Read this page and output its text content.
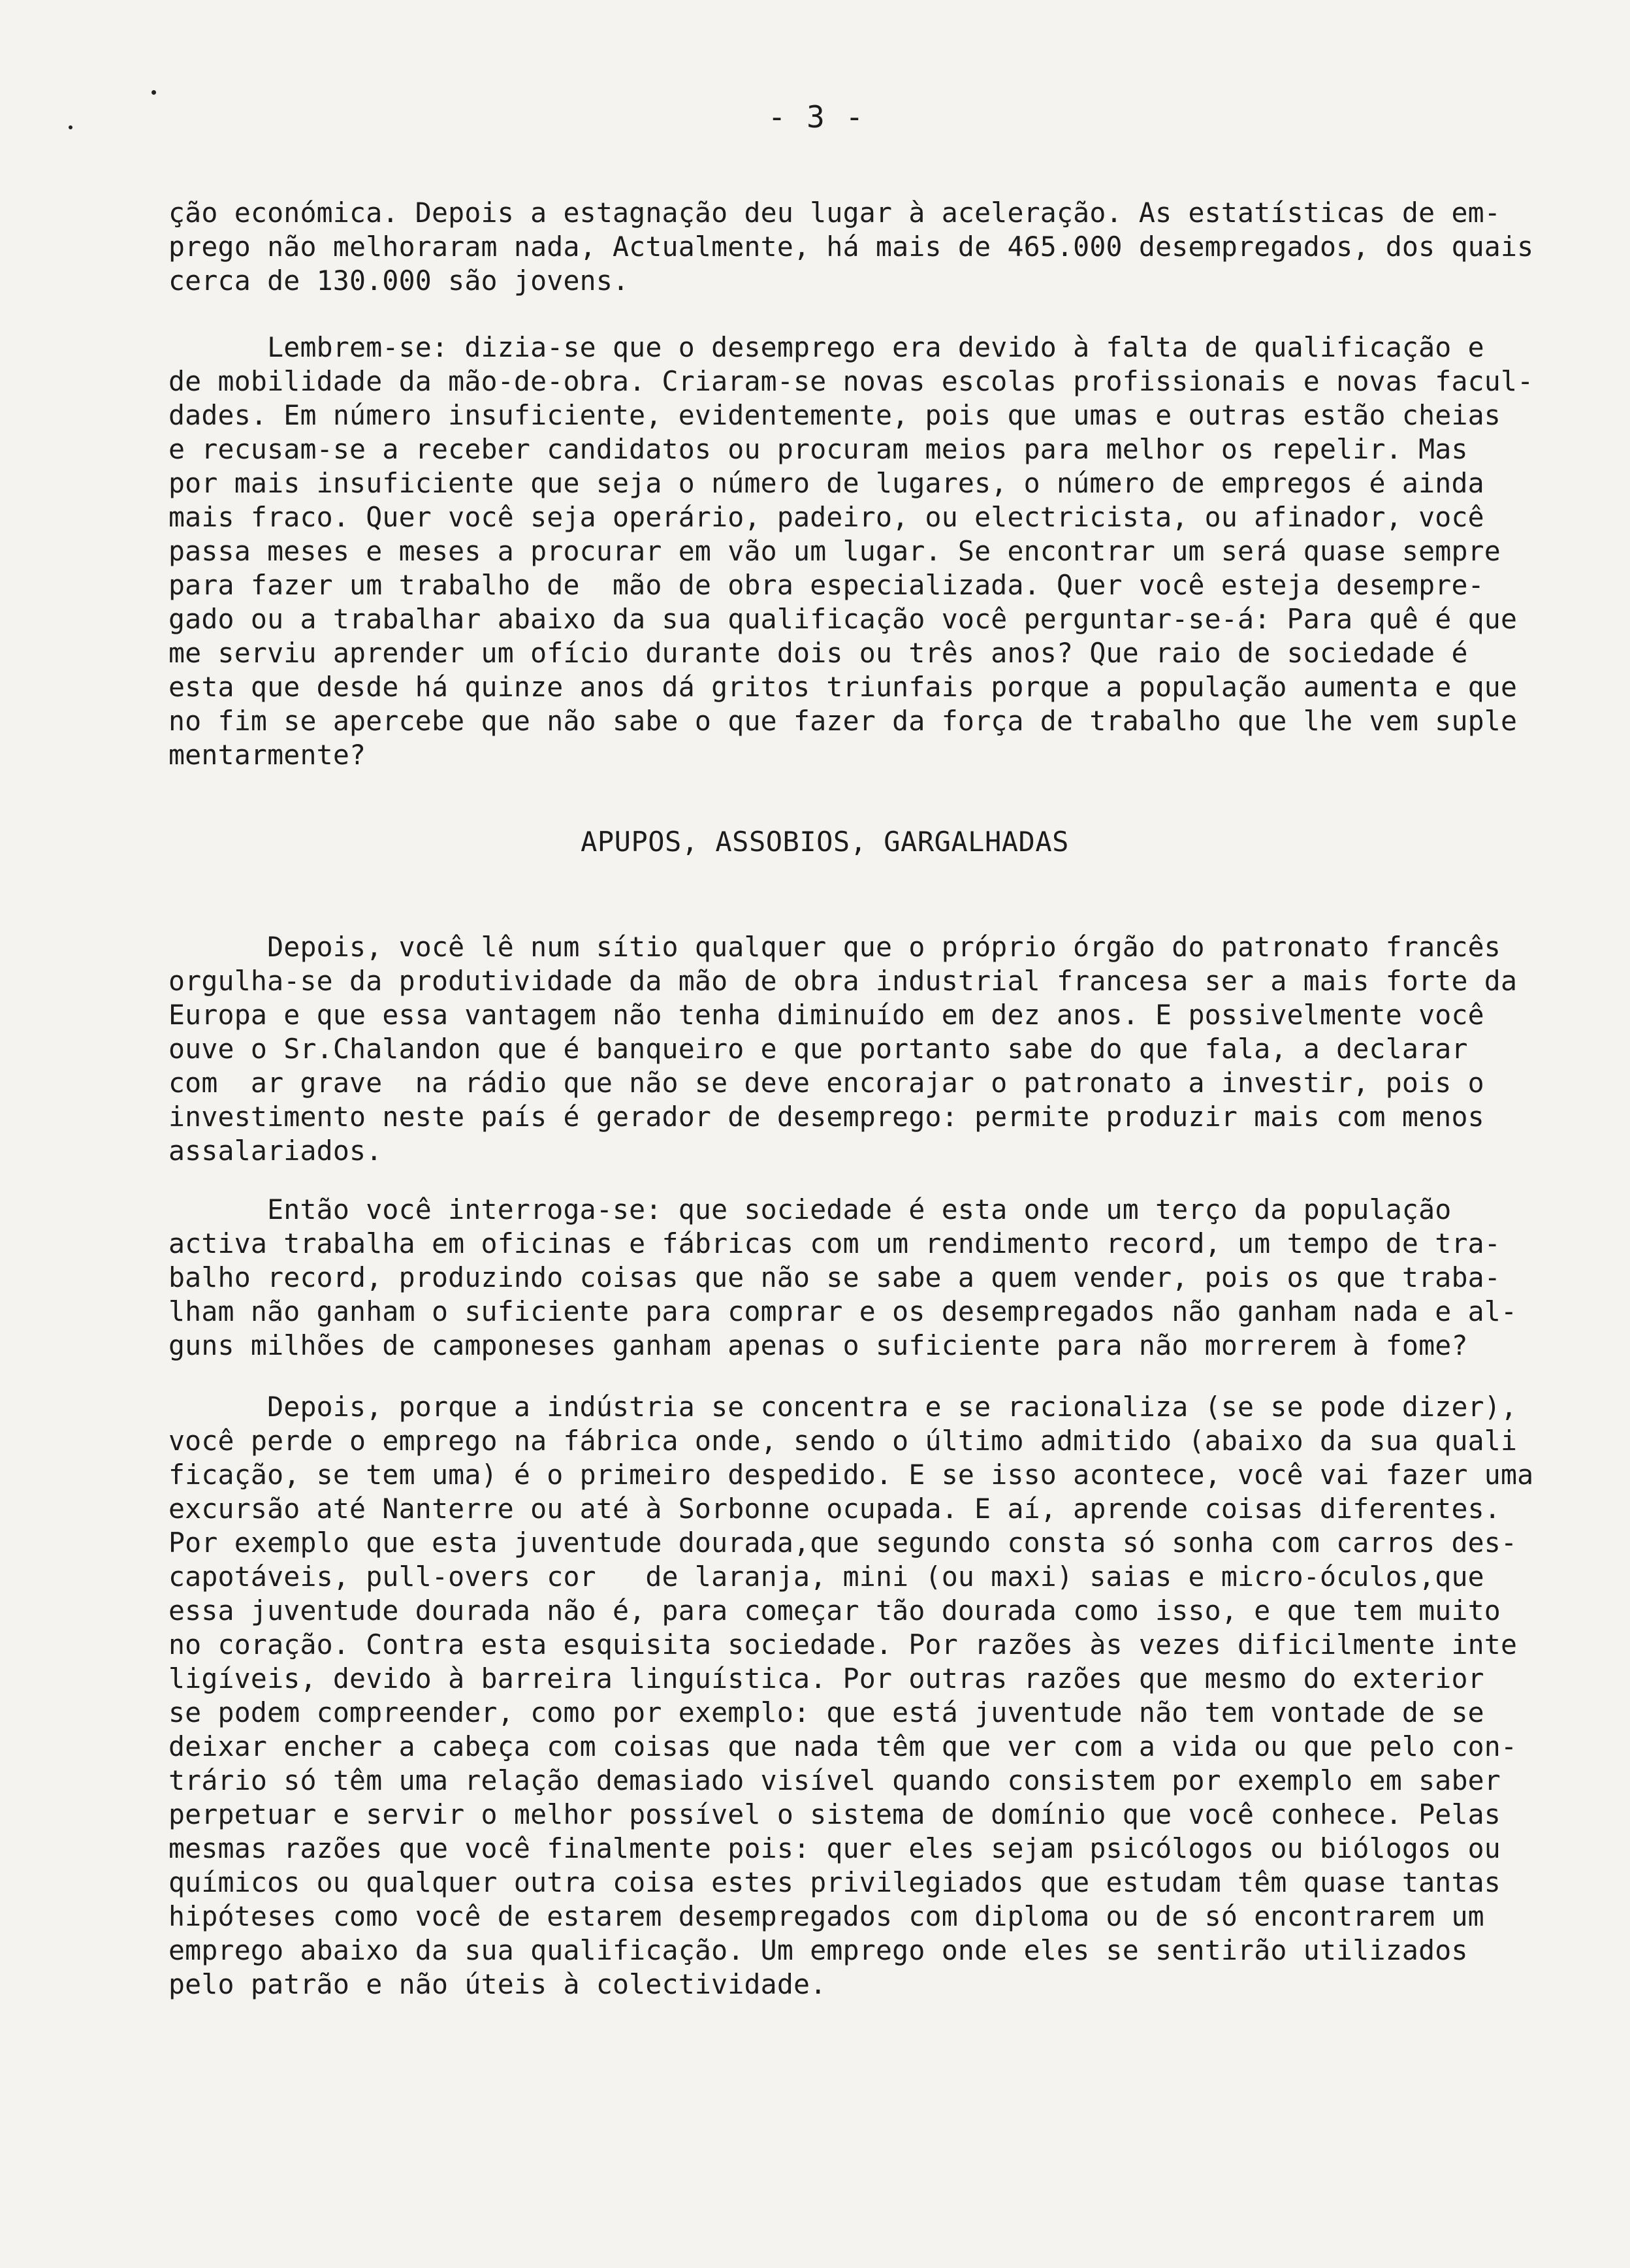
- 3 -
ção económica. Depois a estagnação deu lugar à aceleração. As estatísticas de em-
prego não melhoraram nada, Actualmente, há mais de 465.000 desempregados, dos quais
cerca de 130.000 são jovens.
Lembrem-se: dizia-se que o desemprego era devido à falta de qualificação e
de mobilidade da mão-de-obra. Criaram-se novas escolas profissionais e novas facul-
dades. Em número insuficiente, evidentemente, pois que umas e outras estão cheias
e recusam-se a receber candidatos ou procuram meios para melhor os repelir. Mas
por mais insuficiente que seja o número de lugares, o número de empregos é ainda
mais fraco. Quer você seja operário, padeiro, ou electricista, ou afinador, você
passa meses e meses a procurar em vão um lugar. Se encontrar um será quase sempre
para fazer um trabalho de  mão de obra especializada. Quer você esteja desempre-
gado ou a trabalhar abaixo da sua qualificação você perguntar-se-á: Para quê é que
me serviu aprender um ofício durante dois ou três anos? Que raio de sociedade é
esta que desde há quinze anos dá gritos triunfais porque a população aumenta e que
no fim se apercebe que não sabe o que fazer da força de trabalho que lhe vem suple
mentarmente?
APUPOS, ASSOBIOS, GARGALHADAS
Depois, você lê num sítio qualquer que o próprio órgão do patronato francês
orgulha-se da produtividade da mão de obra industrial francesa ser a mais forte da
Europa e que essa vantagem não tenha diminuído em dez anos. E possivelmente você
ouve o Sr.Chalandon que é banqueiro e que portanto sabe do que fala, a declarar
com  ar grave  na rádio que não se deve encorajar o patronato a investir, pois o
investimento neste país é gerador de desemprego: permite produzir mais com menos
assalariados.
Então você interroga-se: que sociedade é esta onde um terço da população
activa trabalha em oficinas e fábricas com um rendimento record, um tempo de tra-
balho record, produzindo coisas que não se sabe a quem vender, pois os que traba-
lham não ganham o suficiente para comprar e os desempregados não ganham nada e al-
guns milhões de camponeses ganham apenas o suficiente para não morrerem à fome?
Depois, porque a indústria se concentra e se racionaliza (se se pode dizer),
você perde o emprego na fábrica onde, sendo o último admitido (abaixo da sua quali
ficação, se tem uma) é o primeiro despedido. E se isso acontece, você vai fazer uma
excursão até Nanterre ou até à Sorbonne ocupada. E aí, aprende coisas diferentes.
Por exemplo que esta juventude dourada,que segundo consta só sonha com carros des-
capotáveis, pull-overs cor   de laranja, mini (ou maxi) saias e micro-óculos,que
essa juventude dourada não é, para começar tão dourada como isso, e que tem muito
no coração. Contra esta esquisita sociedade. Por razões às vezes dificilmente inte
ligíveis, devido à barreira linguística. Por outras razões que mesmo do exterior
se podem compreender, como por exemplo: que está juventude não tem vontade de se
deixar encher a cabeça com coisas que nada têm que ver com a vida ou que pelo con-
trário só têm uma relação demasiado visível quando consistem por exemplo em saber
perpetuar e servir o melhor possível o sistema de domínio que você conhece. Pelas
mesmas razões que você finalmente pois: quer eles sejam psicólogos ou biólogos ou
químicos ou qualquer outra coisa estes privilegiados que estudam têm quase tantas
hipóteses como você de estarem desempregados com diploma ou de só encontrarem um
emprego abaixo da sua qualificação. Um emprego onde eles se sentirão utilizados
pelo patrão e não úteis à colectividade.
